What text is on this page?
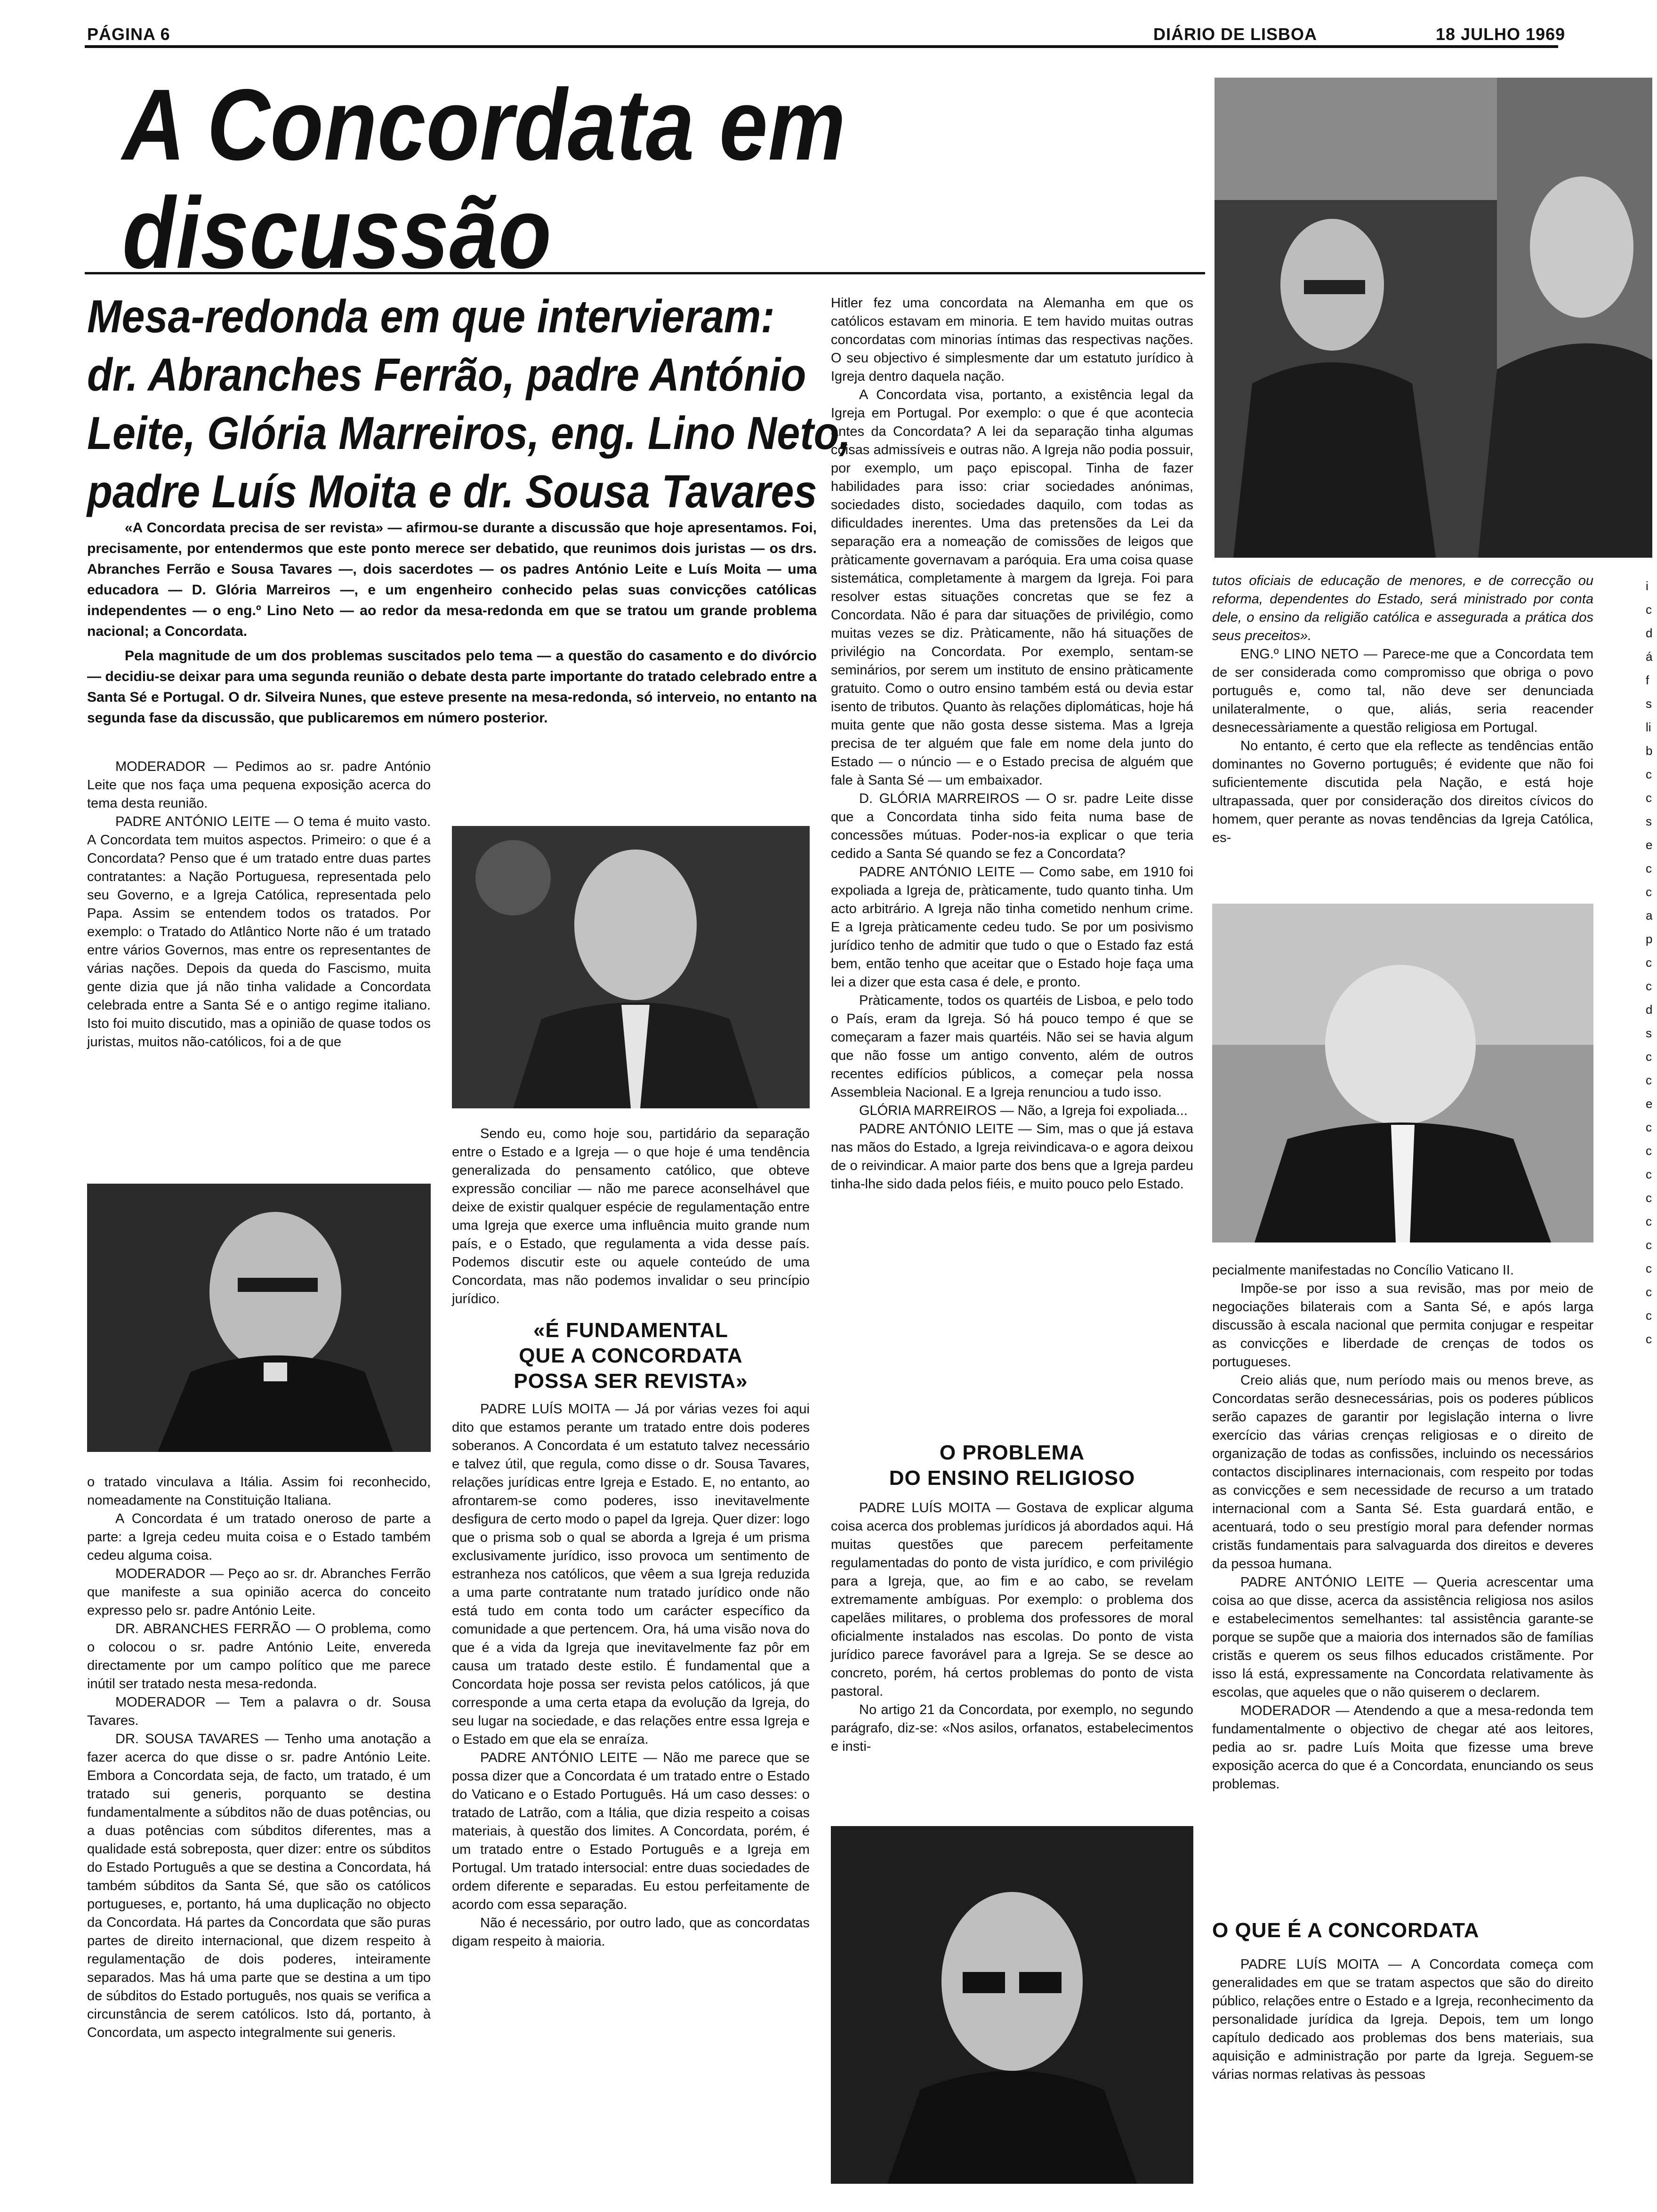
PÁGINA 6	DIÁRIO DE LISBOA	18 JULHO 1969
A Concordata em discussão
Mesa-redonda em que intervieram:
dr. Abranches Ferrão, padre António
Leite, Glória Marreiros, eng. Lino Neto,
padre Luís Moita e dr. Sousa Tavares

«A Concordata precisa de ser revista» — afirmou-se durante a discussão que hoje apresentamos. Foi, precisamente, por entendermos que este ponto merece ser debatido, que reunimos dois juristas — os drs. Abranches Ferrão e Sousa Tavares —, dois sacerdotes — os padres António Leite e Luís Moita — uma educadora — D. Glória Marreiros —, e um engenheiro conhecido pelas suas convicções católicas independentes — o eng.º Lino Neto — ao redor da mesa-redonda em que se tratou um grande problema nacional; a Concordata.

Pela magnitude de um dos problemas suscitados pelo tema — a questão do casamento e do divórcio — decidiu-se deixar para uma segunda reunião o debate desta parte importante do tratado celebrado entre a Santa Sé e Portugal. O dr. Silveira Nunes, que esteve presente na mesa-redonda, só interveio, no entanto na segunda fase da discussão, que publicaremos em número posterior.

Hitler fez uma concordata na Alemanha em que os católicos estavam em minoria. E tem havido muitas outras concordatas com minorias íntimas das respectivas nações. O seu objectivo é simplesmente dar um estatuto jurídico à Igreja dentro daquela nação.

A Concordata visa, portanto, a existência legal da Igreja em Portugal. Por exemplo: o que é que acontecia antes da Concordata? A lei da separação tinha algumas coisas admissíveis e outras não. A Igreja não podia possuir, por exemplo, um paço episcopal. Tinha de fazer habilidades para isso: criar sociedades anónimas, sociedades disto, sociedades daquilo, com todas as dificuldades inerentes. Uma das pretensões da Lei da separação era a nomeação de comissões de leigos que pràticamente governavam a paróquia. Era uma coisa quase sistemática, completamente à margem da Igreja. Foi para resolver estas situações concretas que se fez a Concordata. Não é para dar situações de privilégio, como muitas vezes se diz. Pràticamente, não há situações de privilégio na Concordata. Por exemplo, sentam-se seminários, por serem um instituto de ensino pràticamente gratuito. Como o outro ensino também está ou devia estar isento de tributos. Quanto às relações diplomáticas, hoje há muita gente que não gosta desse sistema. Mas a Igreja precisa de ter alguém que fale em nome dela junto do Estado — o núncio — e o Estado precisa de alguém que fale à Santa Sé — um embaixador.

D. GLÓRIA MARREIROS — O sr. padre Leite disse que a Concordata tinha sido feita numa base de concessões mútuas. Poder-nos-ia explicar o que teria cedido a Santa Sé quando se fez a Concordata?

PADRE ANTÓNIO LEITE — Como sabe, em 1910 foi expoliada a Igreja de, pràticamente, tudo quanto tinha. Um acto arbitrário. A Igreja não tinha cometido nenhum crime. E a Igreja pràticamente cedeu tudo. Se por um posivismo jurídico tenho de admitir que tudo o que o Estado faz está bem, então tenho que aceitar que o Estado hoje faça uma lei a dizer que esta casa é dele, e pronto.

Pràticamente, todos os quartéis de Lisboa, e pelo todo o País, eram da Igreja. Só há pouco tempo é que se começaram a fazer mais quartéis. Não sei se havia algum que não fosse um antigo convento, além de outros recentes edifícios públicos, a começar pela nossa Assembleia Nacional. E a Igreja renunciou a tudo isso.

GLÓRIA MARREIROS — Não, a Igreja foi expoliada...

PADRE ANTÓNIO LEITE — Sim, mas o que já estava nas mãos do Estado, a Igreja reivindicava-o e agora deixou de o reivindicar. A maior parte dos bens que a Igreja pardeu tinha-lhe sido dada pelos fiéis, e muito pouco pelo Estado.

MODERADOR — Pedimos ao sr. padre António Leite que nos faça uma pequena exposição acerca do tema desta reunião.

PADRE ANTÓNIO LEITE — O tema é muito vasto. A Concordata tem muitos aspectos. Primeiro: o que é a Concordata? Penso que é um tratado entre duas partes contratantes: a Nação Portuguesa, representada pelo seu Governo, e a Igreja Católica, representada pelo Papa. Assim se entendem todos os tratados. Por exemplo: o Tratado do Atlântico Norte não é um tratado entre vários Governos, mas entre os representantes de várias nações. Depois da queda do Fascismo, muita gente dizia que já não tinha validade a Concordata celebrada entre a Santa Sé e o antigo regime italiano. Isto foi muito discutido, mas a opinião de quase todos os juristas, muitos não-católicos, foi a de que

o tratado vinculava a Itália. Assim foi reconhecido, nomeadamente na Constituição Italiana.

A Concordata é um tratado oneroso de parte a parte: a Igreja cedeu muita coisa e o Estado também cedeu alguma coisa.

MODERADOR — Peço ao sr. dr. Abranches Ferrão que manifeste a sua opinião acerca do conceito expresso pelo sr. padre António Leite.

DR. ABRANCHES FERRÃO — O problema, como o colocou o sr. padre António Leite, envereda directamente por um campo político que me parece inútil ser tratado nesta mesa-redonda.

MODERADOR — Tem a palavra o dr. Sousa Tavares.

DR. SOUSA TAVARES — Tenho uma anotação a fazer acerca do que disse o sr. padre António Leite. Embora a Concordata seja, de facto, um tratado, é um tratado sui generis, porquanto se destina fundamentalmente a súbditos não de duas potências, ou a duas potências com súbditos diferentes, mas a qualidade está sobreposta, quer dizer: entre os súbditos do Estado Português a que se destina a Concordata, há também súbditos da Santa Sé, que são os católicos portugueses, e, portanto, há uma duplicação no objecto da Concordata. Há partes da Concordata que são puras partes de direito internacional, que dizem respeito à regulamentação de dois poderes, inteiramente separados. Mas há uma parte que se destina a um tipo de súbditos do Estado português, nos quais se verifica a circunstância de serem católicos. Isto dá, portanto, à Concordata, um aspecto integralmente sui generis.

Sendo eu, como hoje sou, partidário da separação entre o Estado e a Igreja — o que hoje é uma tendência generalizada do pensamento católico, que obteve expressão conciliar — não me parece aconselhável que deixe de existir qualquer espécie de regulamentação entre uma Igreja que exerce uma influência muito grande num país, e o Estado, que regulamenta a vida desse país. Podemos discutir este ou aquele conteúdo de uma Concordata, mas não podemos invalidar o seu princípio jurídico.

«É FUNDAMENTAL
QUE A CONCORDATA
POSSA SER REVISTA»

PADRE LUÍS MOITA — Já por várias vezes foi aqui dito que estamos perante um tratado entre dois poderes soberanos. A Concordata é um estatuto talvez necessário e talvez útil, que regula, como disse o dr. Sousa Tavares, relações jurídicas entre Igreja e Estado. E, no entanto, ao afrontarem-se como poderes, isso inevitavelmente desfigura de certo modo o papel da Igreja. Quer dizer: logo que o prisma sob o qual se aborda a Igreja é um prisma exclusivamente jurídico, isso provoca um sentimento de estranheza nos católicos, que vêem a sua Igreja reduzida a uma parte contratante num tratado jurídico onde não está tudo em conta todo um carácter específico da comunidade a que pertencem. Ora, há uma visão nova do que é a vida da Igreja que inevitavelmente faz pôr em causa um tratado deste estilo. É fundamental que a Concordata hoje possa ser revista pelos católicos, já que corresponde a uma certa etapa da evolução da Igreja, do seu lugar na sociedade, e das relações entre essa Igreja e o Estado em que ela se enraíza.

PADRE ANTÓNIO LEITE — Não me parece que se possa dizer que a Concordata é um tratado entre o Estado do Vaticano e o Estado Português. Há um caso desses: o tratado de Latrão, com a Itália, que dizia respeito a coisas materiais, à questão dos limites. A Concordata, porém, é um tratado entre o Estado Português e a Igreja em Portugal. Um tratado intersocial: entre duas sociedades de ordem diferente e separadas. Eu estou perfeitamente de acordo com essa separação.

Não é necessário, por outro lado, que as concordatas digam respeito à maioria.

O PROBLEMA
DO ENSINO RELIGIOSO

PADRE LUÍS MOITA — Gostava de explicar alguma coisa acerca dos problemas jurídicos já abordados aqui. Há muitas questões que parecem perfeitamente regulamentadas do ponto de vista jurídico, e com privilégio para a Igreja, que, ao fim e ao cabo, se revelam extremamente ambíguas. Por exemplo: o problema dos capelães militares, o problema dos professores de moral oficialmente instalados nas escolas. Do ponto de vista jurídico parece favorável para a Igreja. Se se desce ao concreto, porém, há certos problemas do ponto de vista pastoral.

No artigo 21 da Concordata, por exemplo, no segundo parágrafo, diz-se: «Nos asilos, orfanatos, estabelecimentos e insti-

tutos oficiais de educação de menores, e de correcção ou reforma, dependentes do Estado, será ministrado por conta dele, o ensino da religião católica e assegurada a prática dos seus preceitos».

ENG.º LINO NETO — Parece-me que a Concordata tem de ser considerada como compromisso que obriga o povo português e, como tal, não deve ser denunciada unilateralmente, o que, aliás, seria reacender desnecessàriamente a questão religiosa em Portugal.

No entanto, é certo que ela reflecte as tendências então dominantes no Governo português; é evidente que não foi suficientemente discutida pela Nação, e está hoje ultrapassada, quer por consideração dos direitos cívicos do homem, quer perante as novas tendências da Igreja Católica, es-

pecialmente manifestadas no Concílio Vaticano II.

Impõe-se por isso a sua revisão, mas por meio de negociações bilaterais com a Santa Sé, e após larga discussão à escala nacional que permita conjugar e respeitar as convicções e liberdade de crenças de todos os portugueses.

Creio aliás que, num período mais ou menos breve, as Concordatas serão desnecessárias, pois os poderes públicos serão capazes de garantir por legislação interna o livre exercício das várias crenças religiosas e o direito de organização de todas as confissões, incluindo os necessários contactos disciplinares internacionais, com respeito por todas as convicções e sem necessidade de recurso a um tratado internacional com a Santa Sé. Esta guardará então, e acentuará, todo o seu prestígio moral para defender normas cristãs fundamentais para salvaguarda dos direitos e deveres da pessoa humana.

PADRE ANTÓNIO LEITE — Queria acrescentar uma coisa ao que disse, acerca da assistência religiosa nos asilos e estabelecimentos semelhantes: tal assistência garante-se porque se supõe que a maioria dos internados são de famílias cristãs e querem os seus filhos educados cristãmente. Por isso lá está, expressamente na Concordata relativamente às escolas, que aqueles que o não quiserem o declarem.

MODERADOR — Atendendo a que a mesa-redonda tem fundamentalmente o objectivo de chegar até aos leitores, pedia ao sr. padre Luís Moita que fizesse uma breve exposição acerca do que é a Concordata, enunciando os seus problemas.

O QUE É A CONCORDATA

PADRE LUÍS MOITA — A Concordata começa com generalidades em que se tratam aspectos que são do direito público, relações entre o Estado e a Igreja, reconhecimento da personalidade jurídica da Igreja. Depois, tem um longo capítulo dedicado aos problemas dos bens materiais, sua aquisição e administração por parte da Igreja. Seguem-se várias normas relativas às pessoas

i
c
d
á
f
s
li
b
c
c
s
e
c
c
a
p
c
c
d
s
c
c
e
c
c
c
c
c
c
c
c
c
c
